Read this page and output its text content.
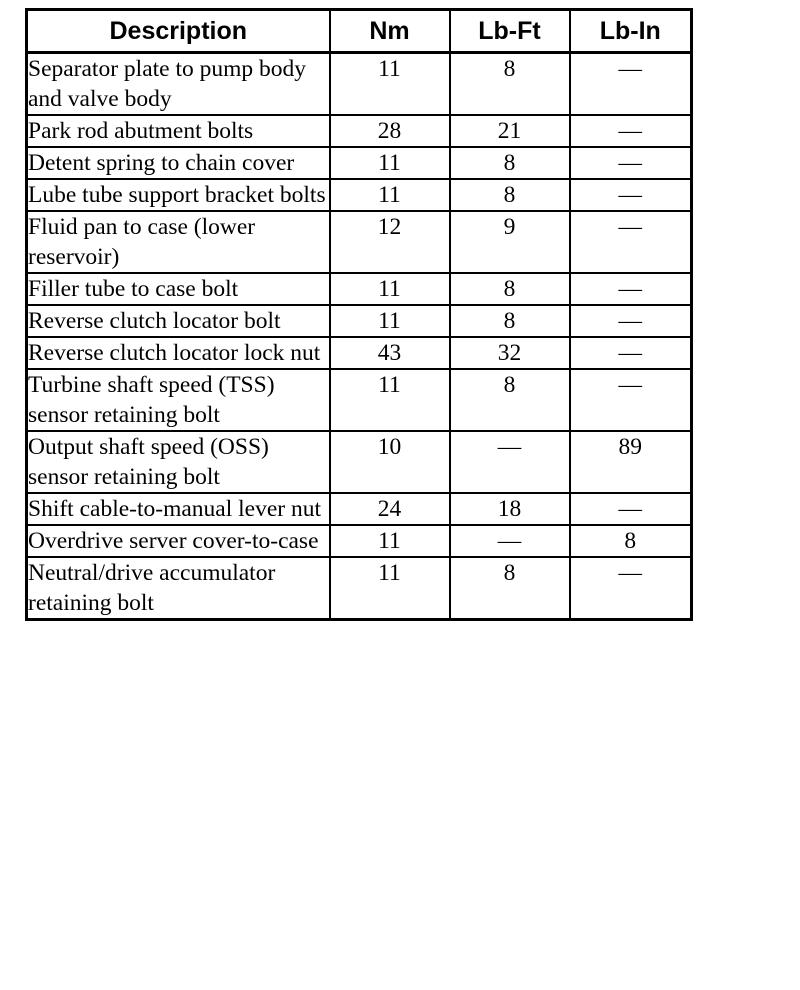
Description	Nm	Lb-Ft	Lb-In
Separator plate to pump body and valve body	11	8	—
Park rod abutment bolts	28	21	—
Detent spring to chain cover	11	8	—
Lube tube support bracket bolts	11	8	—
Fluid pan to case (lower reservoir)	12	9	—
Filler tube to case bolt	11	8	—
Reverse clutch locator bolt	11	8	—
Reverse clutch locator lock nut	43	32	—
Turbine shaft speed (TSS) sensor retaining bolt	11	8	—
Output shaft speed (OSS) sensor retaining bolt	10	—	89
Shift cable-to-manual lever nut	24	18	—
Overdrive server cover-to-case	11	—	8
Neutral/drive accumulator retaining bolt	11	8	—
